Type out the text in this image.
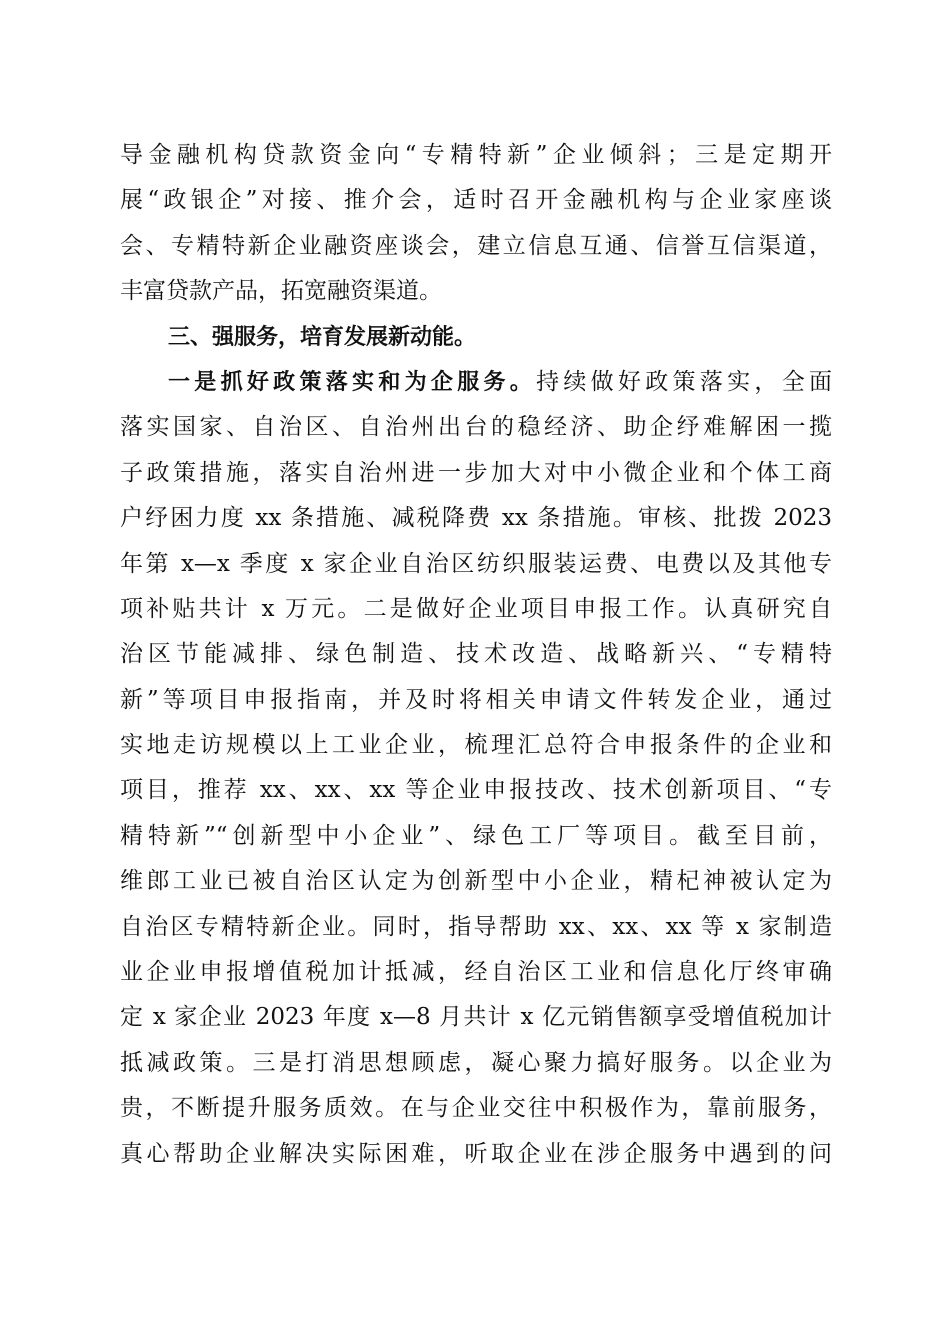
导金融机构贷款资金向“专精特新”企业倾斜；三是定期开
展“政银企”对接、推介会，适时召开金融机构与企业家座谈
会、专精特新企业融资座谈会，建立信息互通、信誉互信渠道，
丰富贷款产品，拓宽融资渠道。
三、强服务，培育发展新动能。
一是抓好政策落实和为企服务。持续做好政策落实，全面
落实国家、自治区、自治州出台的稳经济、助企纾难解困一揽
子政策措施，落实自治州进一步加大对中小微企业和个体工商
户纾困力度 xx 条措施、减税降费 xx 条措施。审核、批拨 2023
年第 x—x 季度 x 家企业自治区纺织服装运费、电费以及其他专
项补贴共计 x 万元。二是做好企业项目申报工作。认真研究自
治区节能减排、绿色制造、技术改造、战略新兴、“专精特
新”等项目申报指南，并及时将相关申请文件转发企业，通过
实地走访规模以上工业企业，梳理汇总符合申报条件的企业和
项目，推荐 xx、xx、xx 等企业申报技改、技术创新项目、“专
精特新”“创新型中小企业”、绿色工厂等项目。截至目前，
维郎工业已被自治区认定为创新型中小企业，精杞神被认定为
自治区专精特新企业。同时，指导帮助 xx、xx、xx 等 x 家制造
业企业申报增值税加计抵减，经自治区工业和信息化厅终审确
定 x 家企业 2023 年度 x—8 月共计 x 亿元销售额享受增值税加计
抵减政策。三是打消思想顾虑，凝心聚力搞好服务。以企业为
贵，不断提升服务质效。在与企业交往中积极作为，靠前服务，
真心帮助企业解决实际困难，听取企业在涉企服务中遇到的问
